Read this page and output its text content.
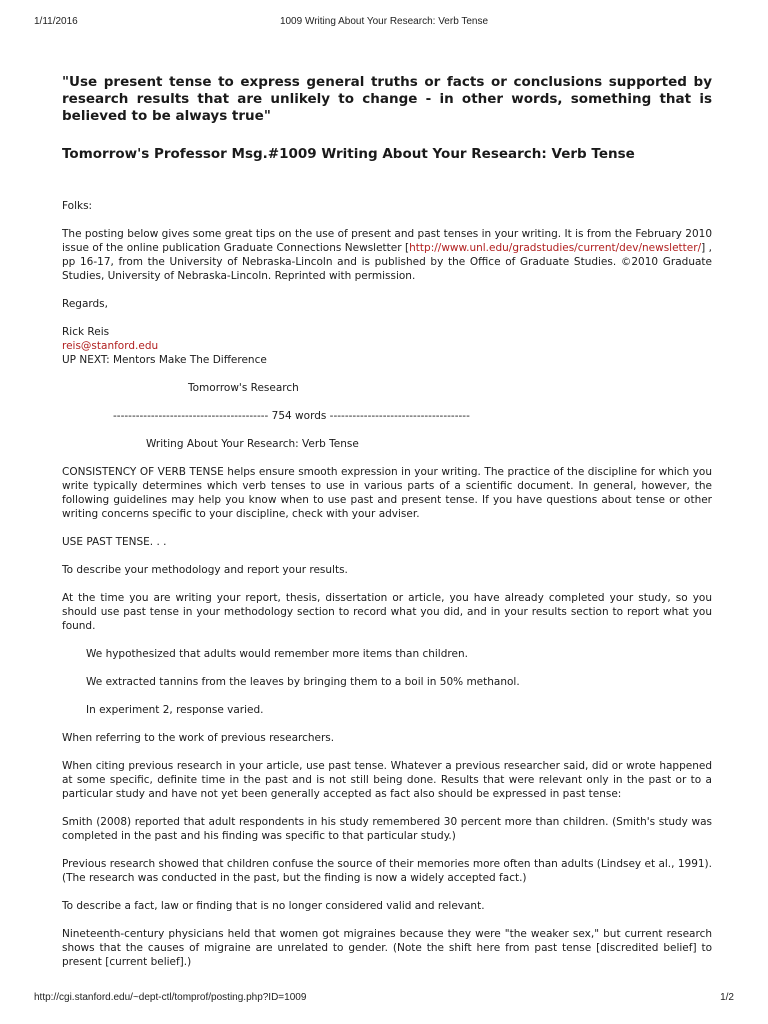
1/11/2016	1009 Writing About Your Research: Verb Tense
"Use present tense to express general truths or facts or conclusions supported by research results that are unlikely to change - in other words, something that is believed to be always true"
Tomorrow's Professor Msg.#1009 Writing About Your Research: Verb Tense

Folks:

The posting below gives some great tips on the use of present and past tenses in your writing. It is from the February 2010 issue of the online publication Graduate Connections Newsletter [http://www.unl.edu/gradstudies/current/dev/newsletter/] , pp 16-17, from the University of Nebraska-Lincoln and is published by the Office of Graduate Studies. ©2010 Graduate Studies, University of Nebraska-Lincoln. Reprinted with permission.

Regards,

Rick Reis

reis@stanford.edu

UP NEXT: Mentors Make The Difference

Tomorrow's Research

----------------------------------------- 754 words -------------------------------------

Writing About Your Research: Verb Tense

CONSISTENCY OF VERB TENSE helps ensure smooth expression in your writing. The practice of the discipline for which you write typically determines which verb tenses to use in various parts of a scientific document. In general, however, the following guidelines may help you know when to use past and present tense. If you have questions about tense or other writing concerns specific to your discipline, check with your adviser.

USE PAST TENSE. . .

To describe your methodology and report your results.

At the time you are writing your report, thesis, dissertation or article, you have already completed your study, so you should use past tense in your methodology section to record what you did, and in your results section to report what you found.

We hypothesized that adults would remember more items than children.

We extracted tannins from the leaves by bringing them to a boil in 50% methanol.

In experiment 2, response varied.

When referring to the work of previous researchers.

When citing previous research in your article, use past tense. Whatever a previous researcher said, did or wrote happened at some specific, definite time in the past and is not still being done. Results that were relevant only in the past or to a particular study and have not yet been generally accepted as fact also should be expressed in past tense:

Smith (2008) reported that adult respondents in his study remembered 30 percent more than children. (Smith's study was completed in the past and his finding was specific to that particular study.)

Previous research showed that children confuse the source of their memories more often than adults (Lindsey et al., 1991). (The research was conducted in the past, but the finding is now a widely accepted fact.)

To describe a fact, law or finding that is no longer considered valid and relevant.

Nineteenth-century physicians held that women got migraines because they were "the weaker sex," but current research shows that the causes of migraine are unrelated to gender. (Note the shift here from past tense [discredited belief] to present [current belief].)

http://cgi.stanford.edu/~dept-ctl/tomprof/posting.php?ID=1009	1/2
